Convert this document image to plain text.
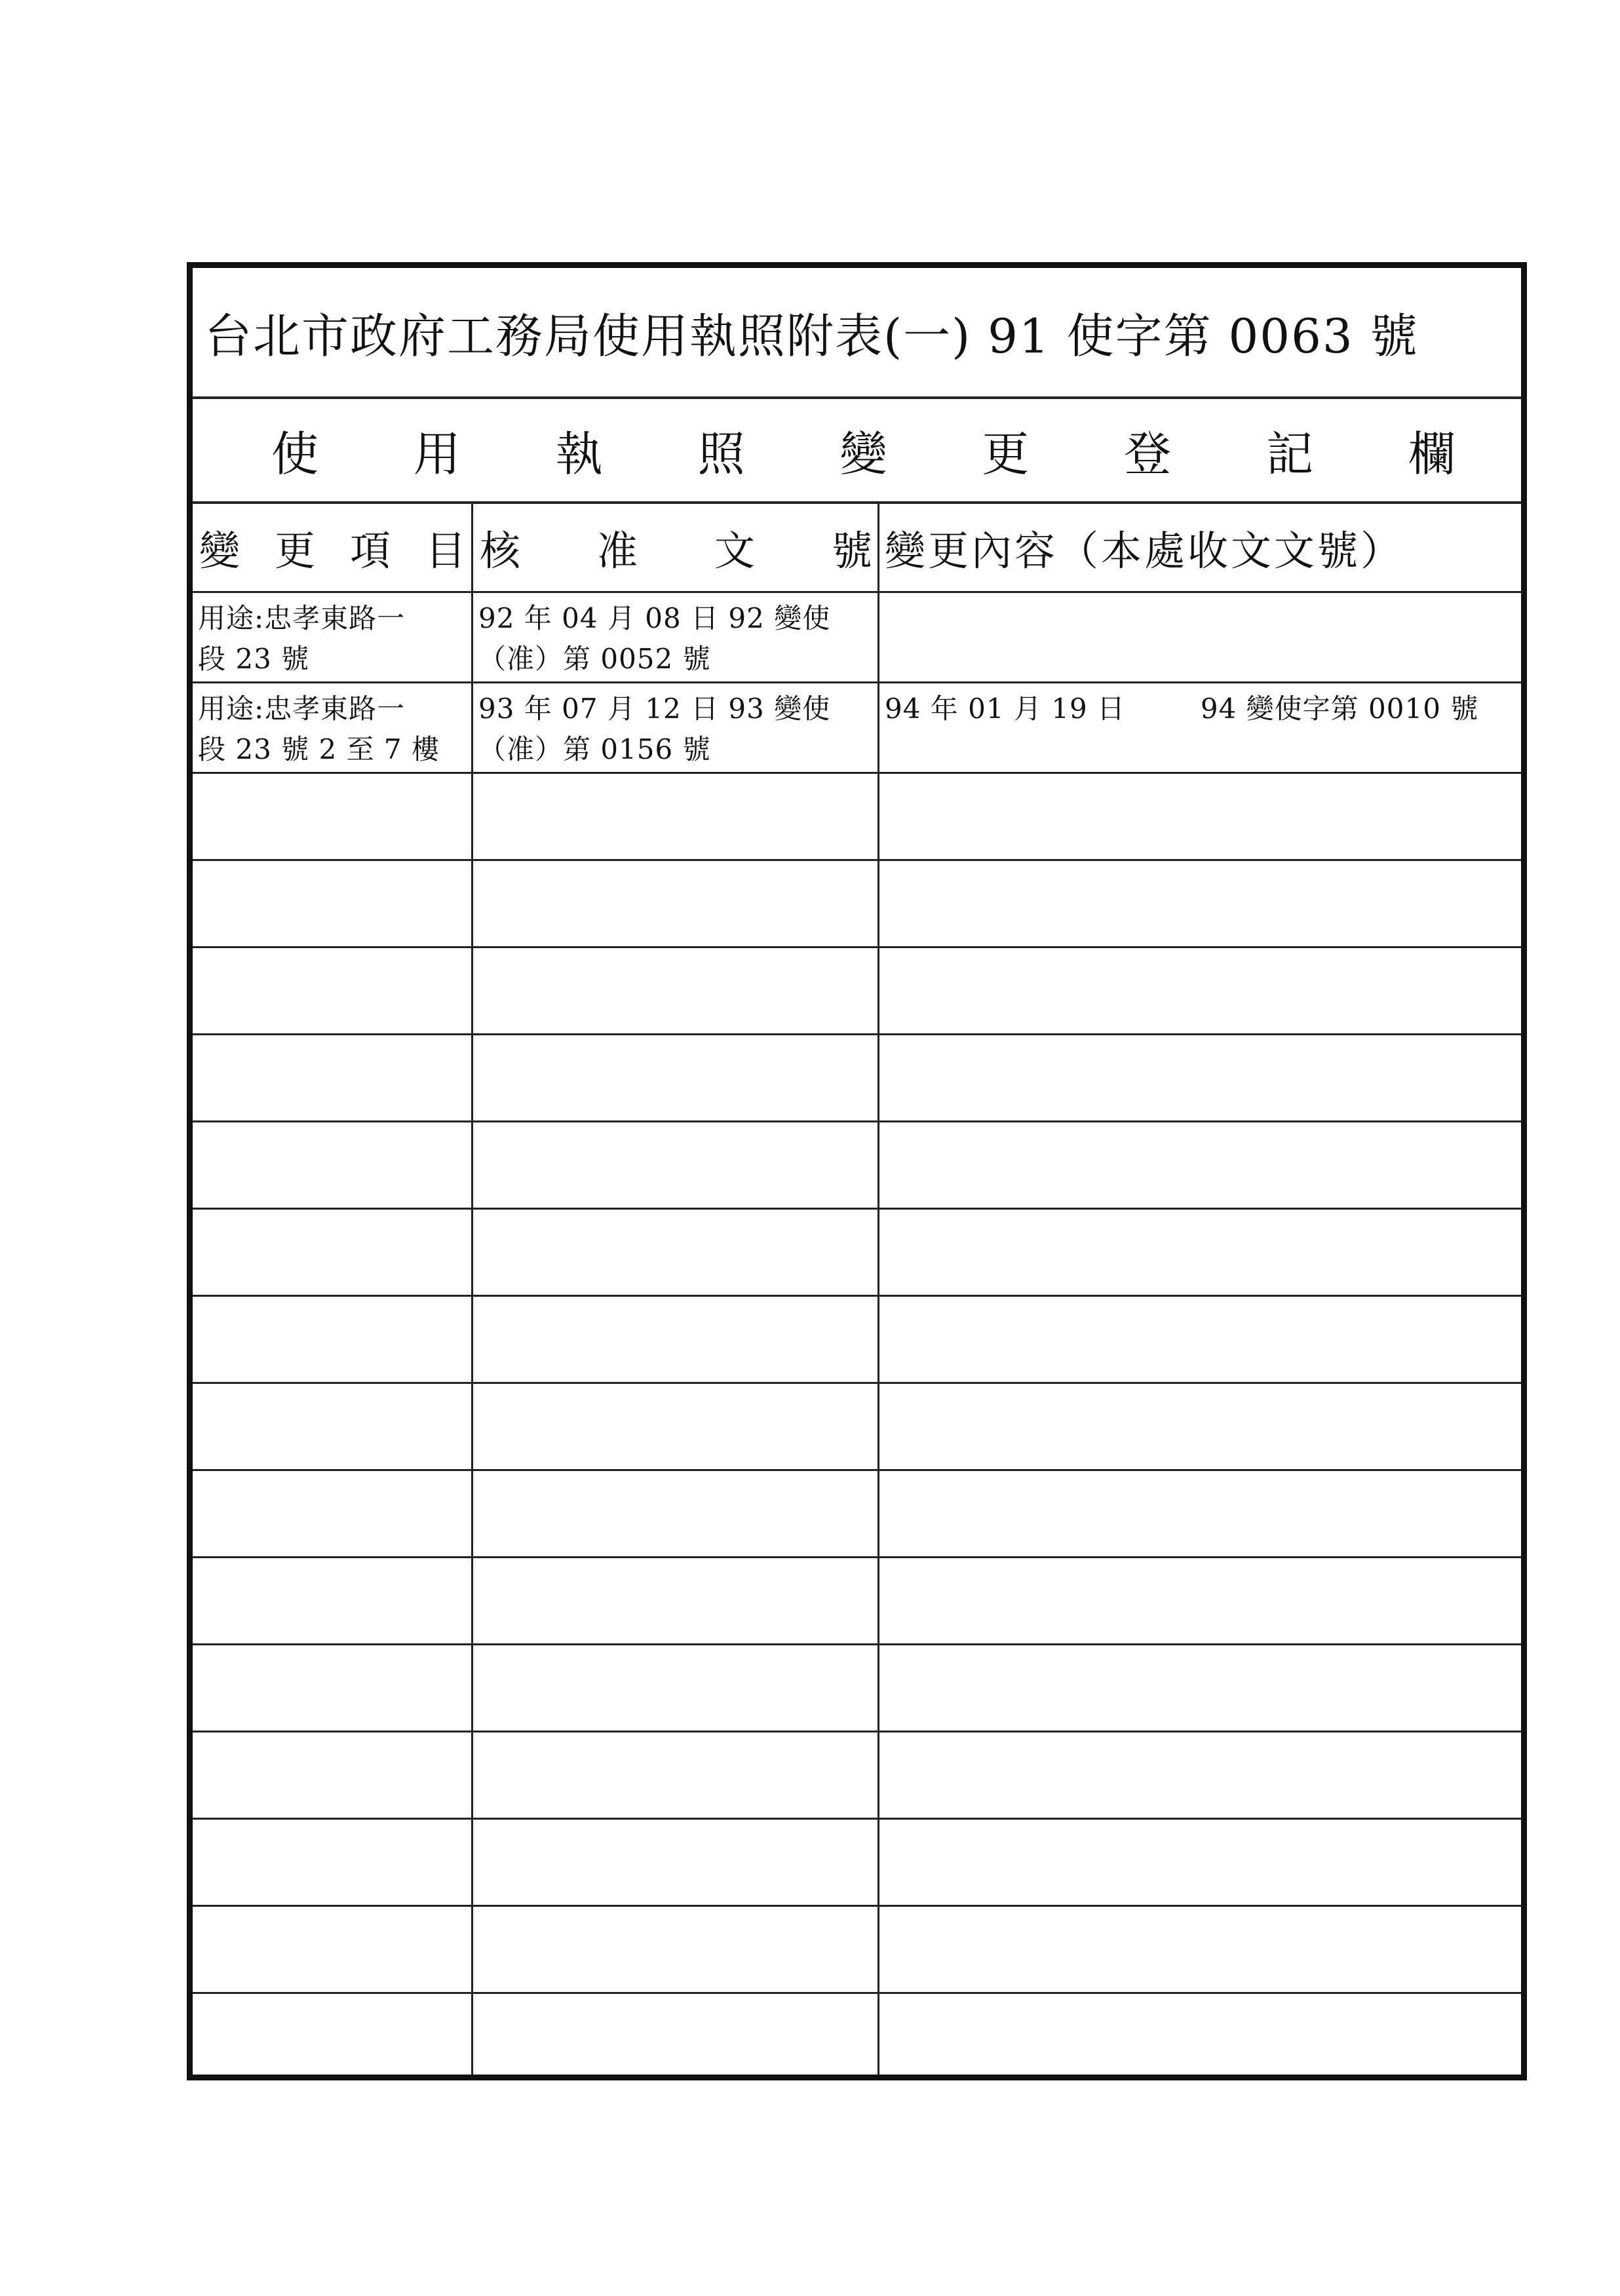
台北市政府工務局使用執照附表(一) 91 使字第 0063 號
使 用 執 照 變 更 登 記 欄
變 更 項 目 核 准 文 號 變更內容（本處收文文號）
用途:忠孝東路一
段 23 號
92 年 04 月 08 日 92 變使
（准）第 0052 號
用途:忠孝東路一
段 23 號 2 至 7 樓
93 年 07 月 12 日 93 變使
（准）第 0156 號
94 年 01 月 19 日        94 變使字第 0010 號
